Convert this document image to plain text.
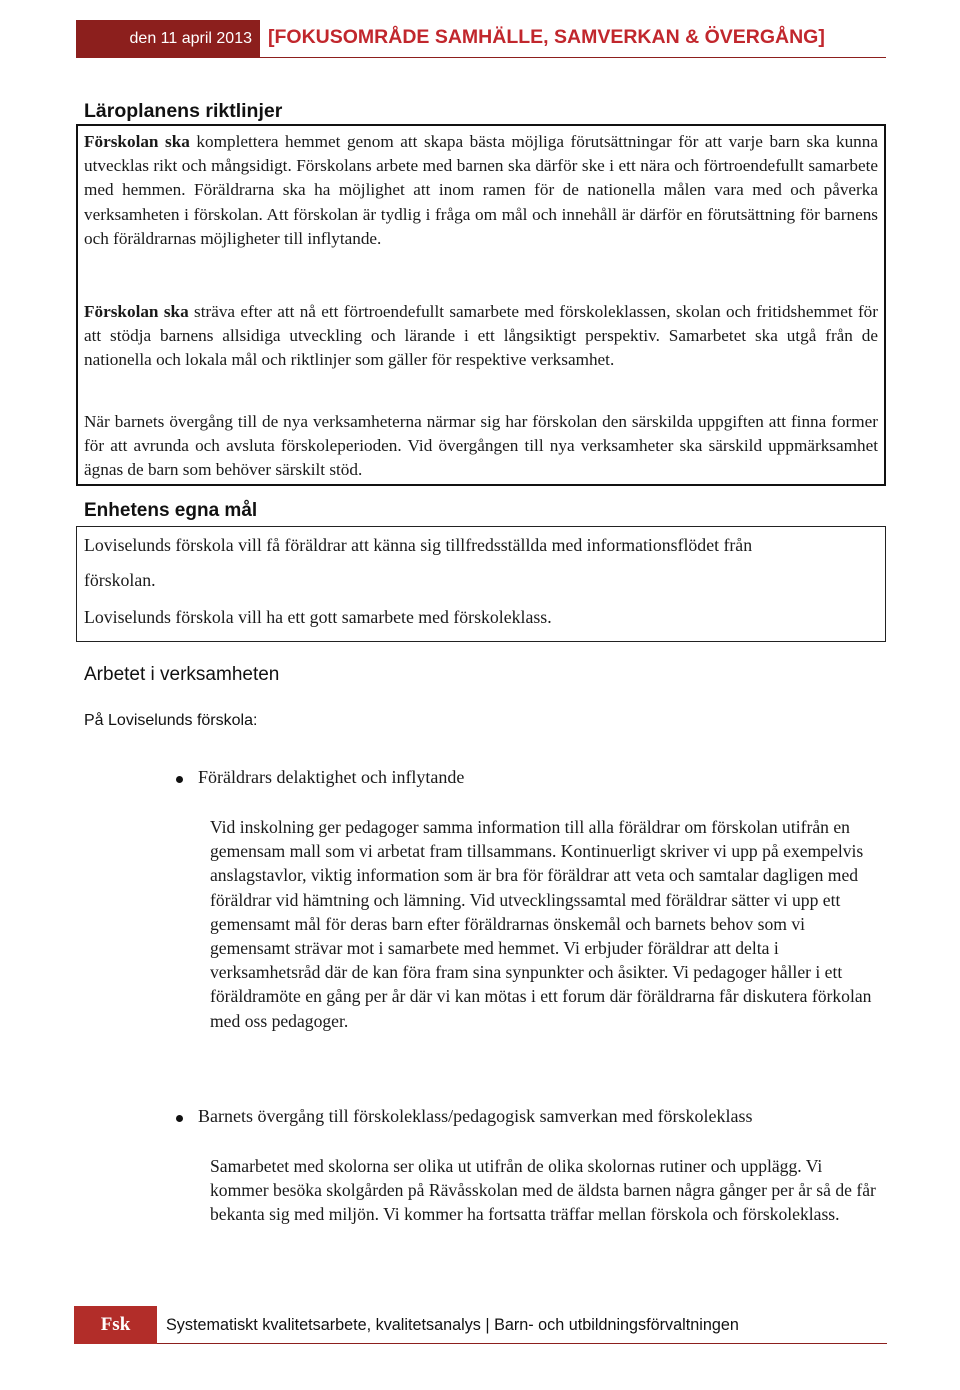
den 11 april 2013 [FOKUSOMRÅDE SAMHÄLLE, SAMVERKAN & ÖVERGÅNG]
Läroplanens riktlinjer
Förskolan ska komplettera hemmet genom att skapa bästa möjliga förutsättningar för att varje barn ska kunna utvecklas rikt och mångsidigt. Förskolans arbete med barnen ska därför ske i ett nära och förtroendefullt samarbete med hemmen. Föräldrarna ska ha möjlighet att inom ramen för de nationella målen vara med och påverka verksamheten i förskolan. Att förskolan är tydlig i fråga om mål och innehåll är därför en förutsättning för barnens och föräldrarnas möjligheter till inflytande.
Förskolan ska sträva efter att nå ett förtroendefullt samarbete med förskoleklassen, skolan och fritidshemmet för att stödja barnens allsidiga utveckling och lärande i ett långsiktigt perspektiv. Samarbetet ska utgå från de nationella och lokala mål och riktlinjer som gäller för respektive verksamhet.
När barnets övergång till de nya verksamheterna närmar sig har förskolan den särskilda uppgiften att finna former för att avrunda och avsluta förskoleperioden. Vid övergången till nya verksamheter ska särskild uppmärksamhet ägnas de barn som behöver särskilt stöd.
Enhetens egna mål
Loviselunds förskola vill få föräldrar att känna sig tillfredsställda med informationsflödet från
förskolan.
Loviselunds förskola vill ha ett gott samarbete med förskoleklass.
Arbetet i verksamheten
På Loviselunds förskola:
Föräldrars delaktighet och inflytande
Vid inskolning ger pedagoger samma information till alla föräldrar om förskolan utifrån en gemensam mall som vi arbetat fram tillsammans. Kontinuerligt skriver vi upp på exempelvis anslagstavlor, viktig information som är bra för föräldrar att veta och samtalar dagligen med föräldrar vid hämtning och lämning. Vid utvecklingssamtal med föräldrar sätter vi upp ett gemensamt mål för deras barn efter föräldrarnas önskemål och barnets behov som vi gemensamt strävar mot i samarbete med hemmet. Vi erbjuder föräldrar att delta i verksamhetsråd där de kan föra fram sina synpunkter och åsikter. Vi pedagoger håller i ett föräldramöte en gång per år där vi kan mötas i ett forum där föräldrarna får diskutera förkolan med oss pedagoger.
Barnets övergång till förskoleklass/pedagogisk samverkan med förskoleklass
Samarbetet med skolorna ser olika ut utifrån de olika skolornas rutiner och upplägg. Vi kommer besöka skolgården på Rävåsskolan med de äldsta barnen några gånger per år så de får bekanta sig med miljön. Vi kommer ha fortsatta träffar mellan förskola och förskoleklass.
Fsk	Systematiskt kvalitetsarbete, kvalitetsanalys | Barn- och utbildningsförvaltningen
